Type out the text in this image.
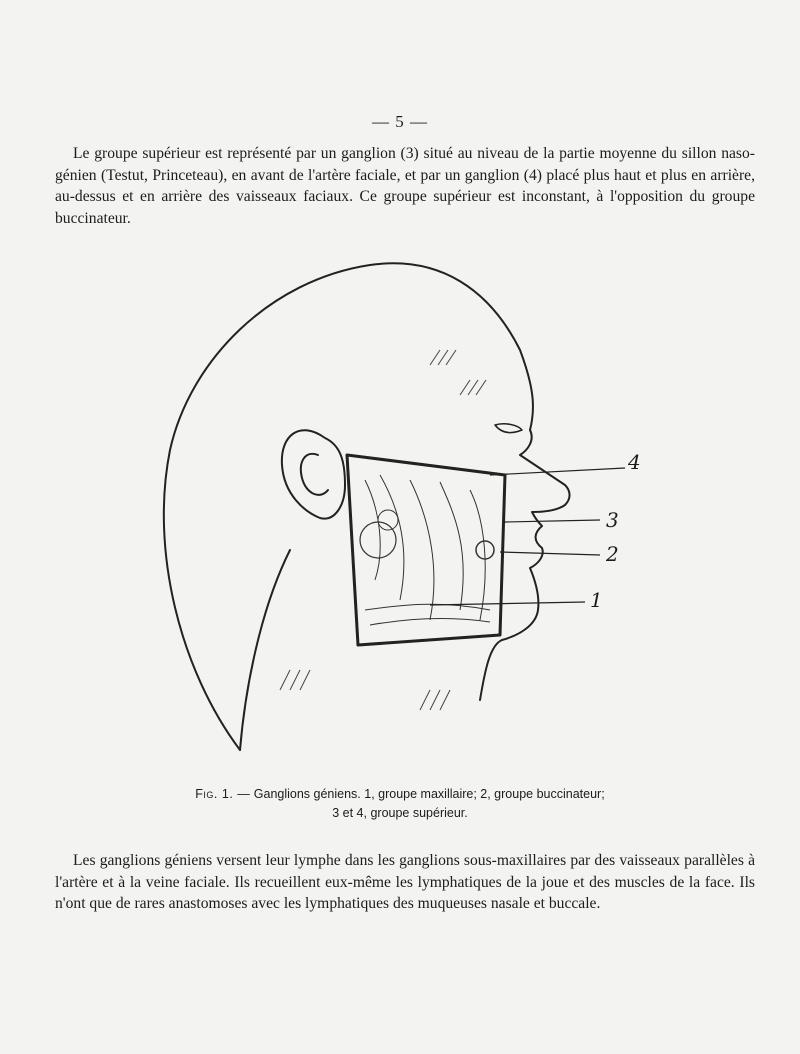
— 5 —

Le groupe supérieur est représenté par un ganglion (3) situé au niveau de la partie moyenne du sillon naso-génien (Testut, Princeteau), en avant de l'artère faciale, et par un ganglion (4) placé plus haut et plus en arrière, au-dessus et en arrière des vaisseaux faciaux. Ce groupe supérieur est inconstant, à l'opposition du groupe buccinateur.

4
3
2
1
Fig. 1. — Ganglions géniens. 1, groupe maxillaire; 2, groupe buccinateur;
3 et 4, groupe supérieur.

Les ganglions géniens versent leur lymphe dans les ganglions sous-maxillaires par des vaisseaux parallèles à l'artère et à la veine faciale. Ils recueillent eux-même les lymphatiques de la joue et des muscles de la face. Ils n'ont que de rares anastomoses avec les lymphatiques des muqueuses nasale et buccale.
